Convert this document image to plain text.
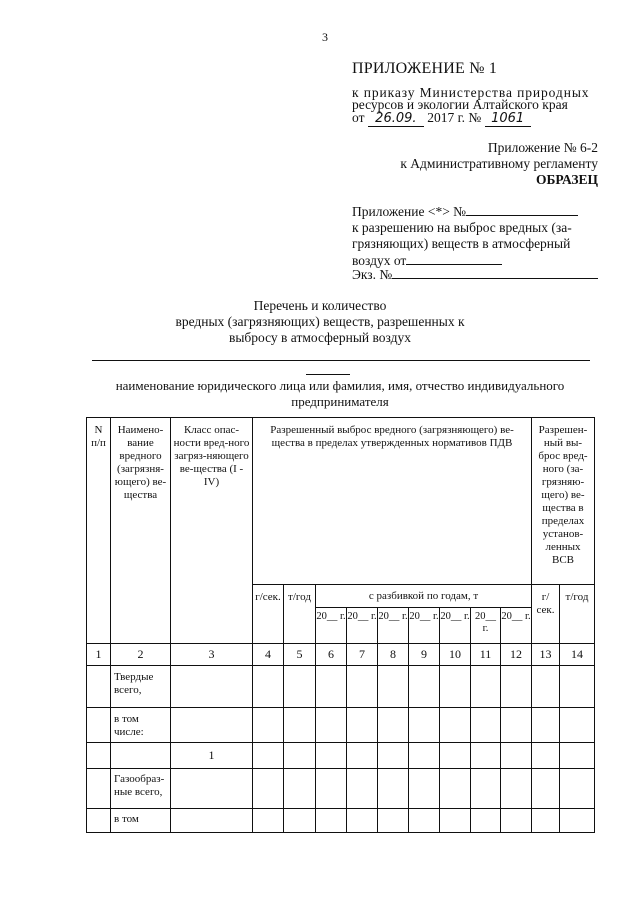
3
ПРИЛОЖЕНИЕ № 1
к приказу Министерства природных
ресурсов и экологии Алтайского края
от 26.09. 2017 г. № 1061
Приложение № 6-2
к Административному регламенту
ОБРАЗЕЦ
Приложение <*> №
к разрешению на выброс вредных (за-
грязняющих) веществ в атмосферный
воздух от
Экз. №
Перечень и количество
вредных (загрязняющих) веществ, разрешенных к
выбросу в атмосферный воздух
наименование юридического лица или фамилия, имя, отчество индивидуального
предпринимателя
N п/п	Наимено-вание вредного (загрязня-ющего) ве-щества	Класс опас-ности вред-ного загряз-няющего ве-щества (I - IV)	Разрешенный выброс вредного (загрязняющего) ве-щества в пределах утвержденных нормативов ПДВ									Разрешен-ный вы-брос вред-ного (за-грязняю-щего) ве-щества в пределах установ-ленных ВСВ	

			г/сек.	т/год	с разбивкой по годам, т							г/сек.	т/год

					20__ г.	20__ г.	20__ г.	20__ г.	20__ г.	20__ г.	20__ г.		
1	2	3	4	5	6	7	8	9	10	11	12	13	14
	Твердые всего,												
	в том числе:												
		1											
	Газообраз-ные всего,												
	в том												
